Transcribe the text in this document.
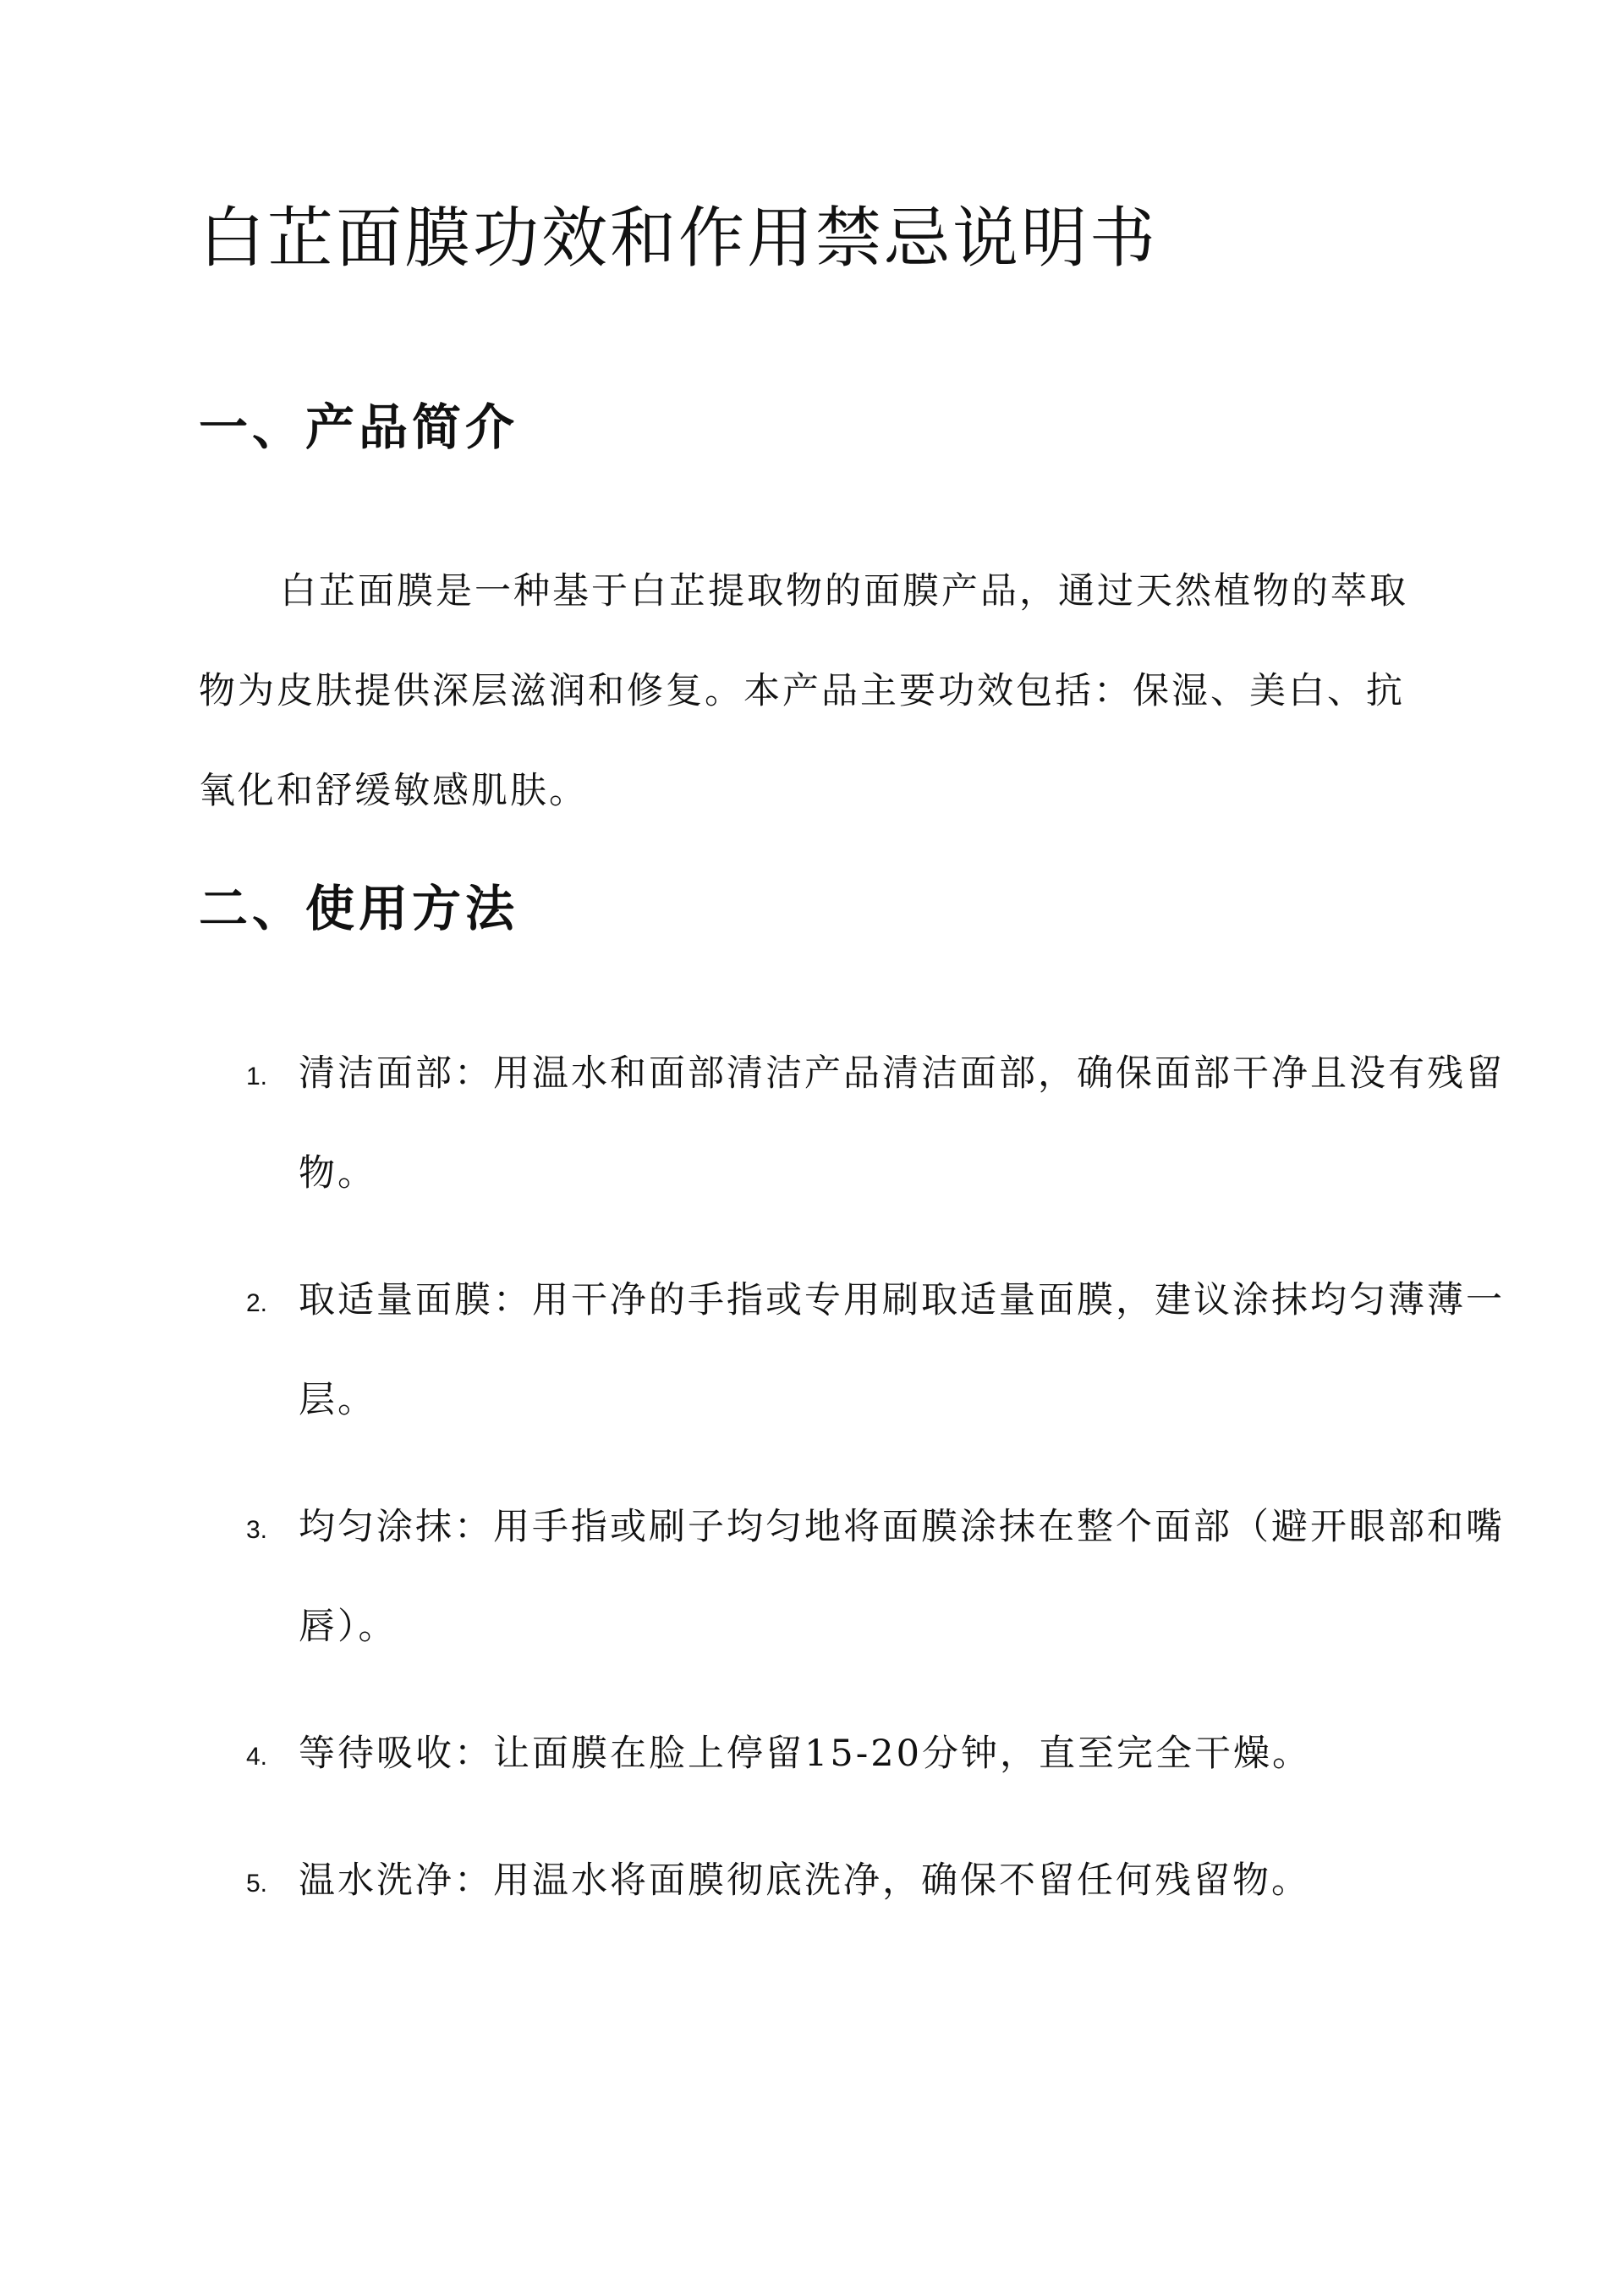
白芷面膜功效和作用禁忌说明书
一、产品简介

白芷面膜是一种基于白芷提取物的面膜产品，通过天然植物的萃取物为皮肤提供深层滋润和修复。本产品主要功效包括：保湿、美白、抗氧化和舒缓敏感肌肤。

二、使用方法
1. 清洁面部：用温水和面部清洁产品清洁面部，确保面部干净且没有残留物。
2. 取适量面膜：用干净的手指或专用刷取适量面膜，建议涂抹均匀薄薄一层。
3. 均匀涂抹：用手指或刷子均匀地将面膜涂抹在整个面部（避开眼部和嘴唇）。
4. 等待吸收：让面膜在脸上停留15-20分钟，直至完全干燥。
5. 温水洗净：用温水将面膜彻底洗净，确保不留任何残留物。
